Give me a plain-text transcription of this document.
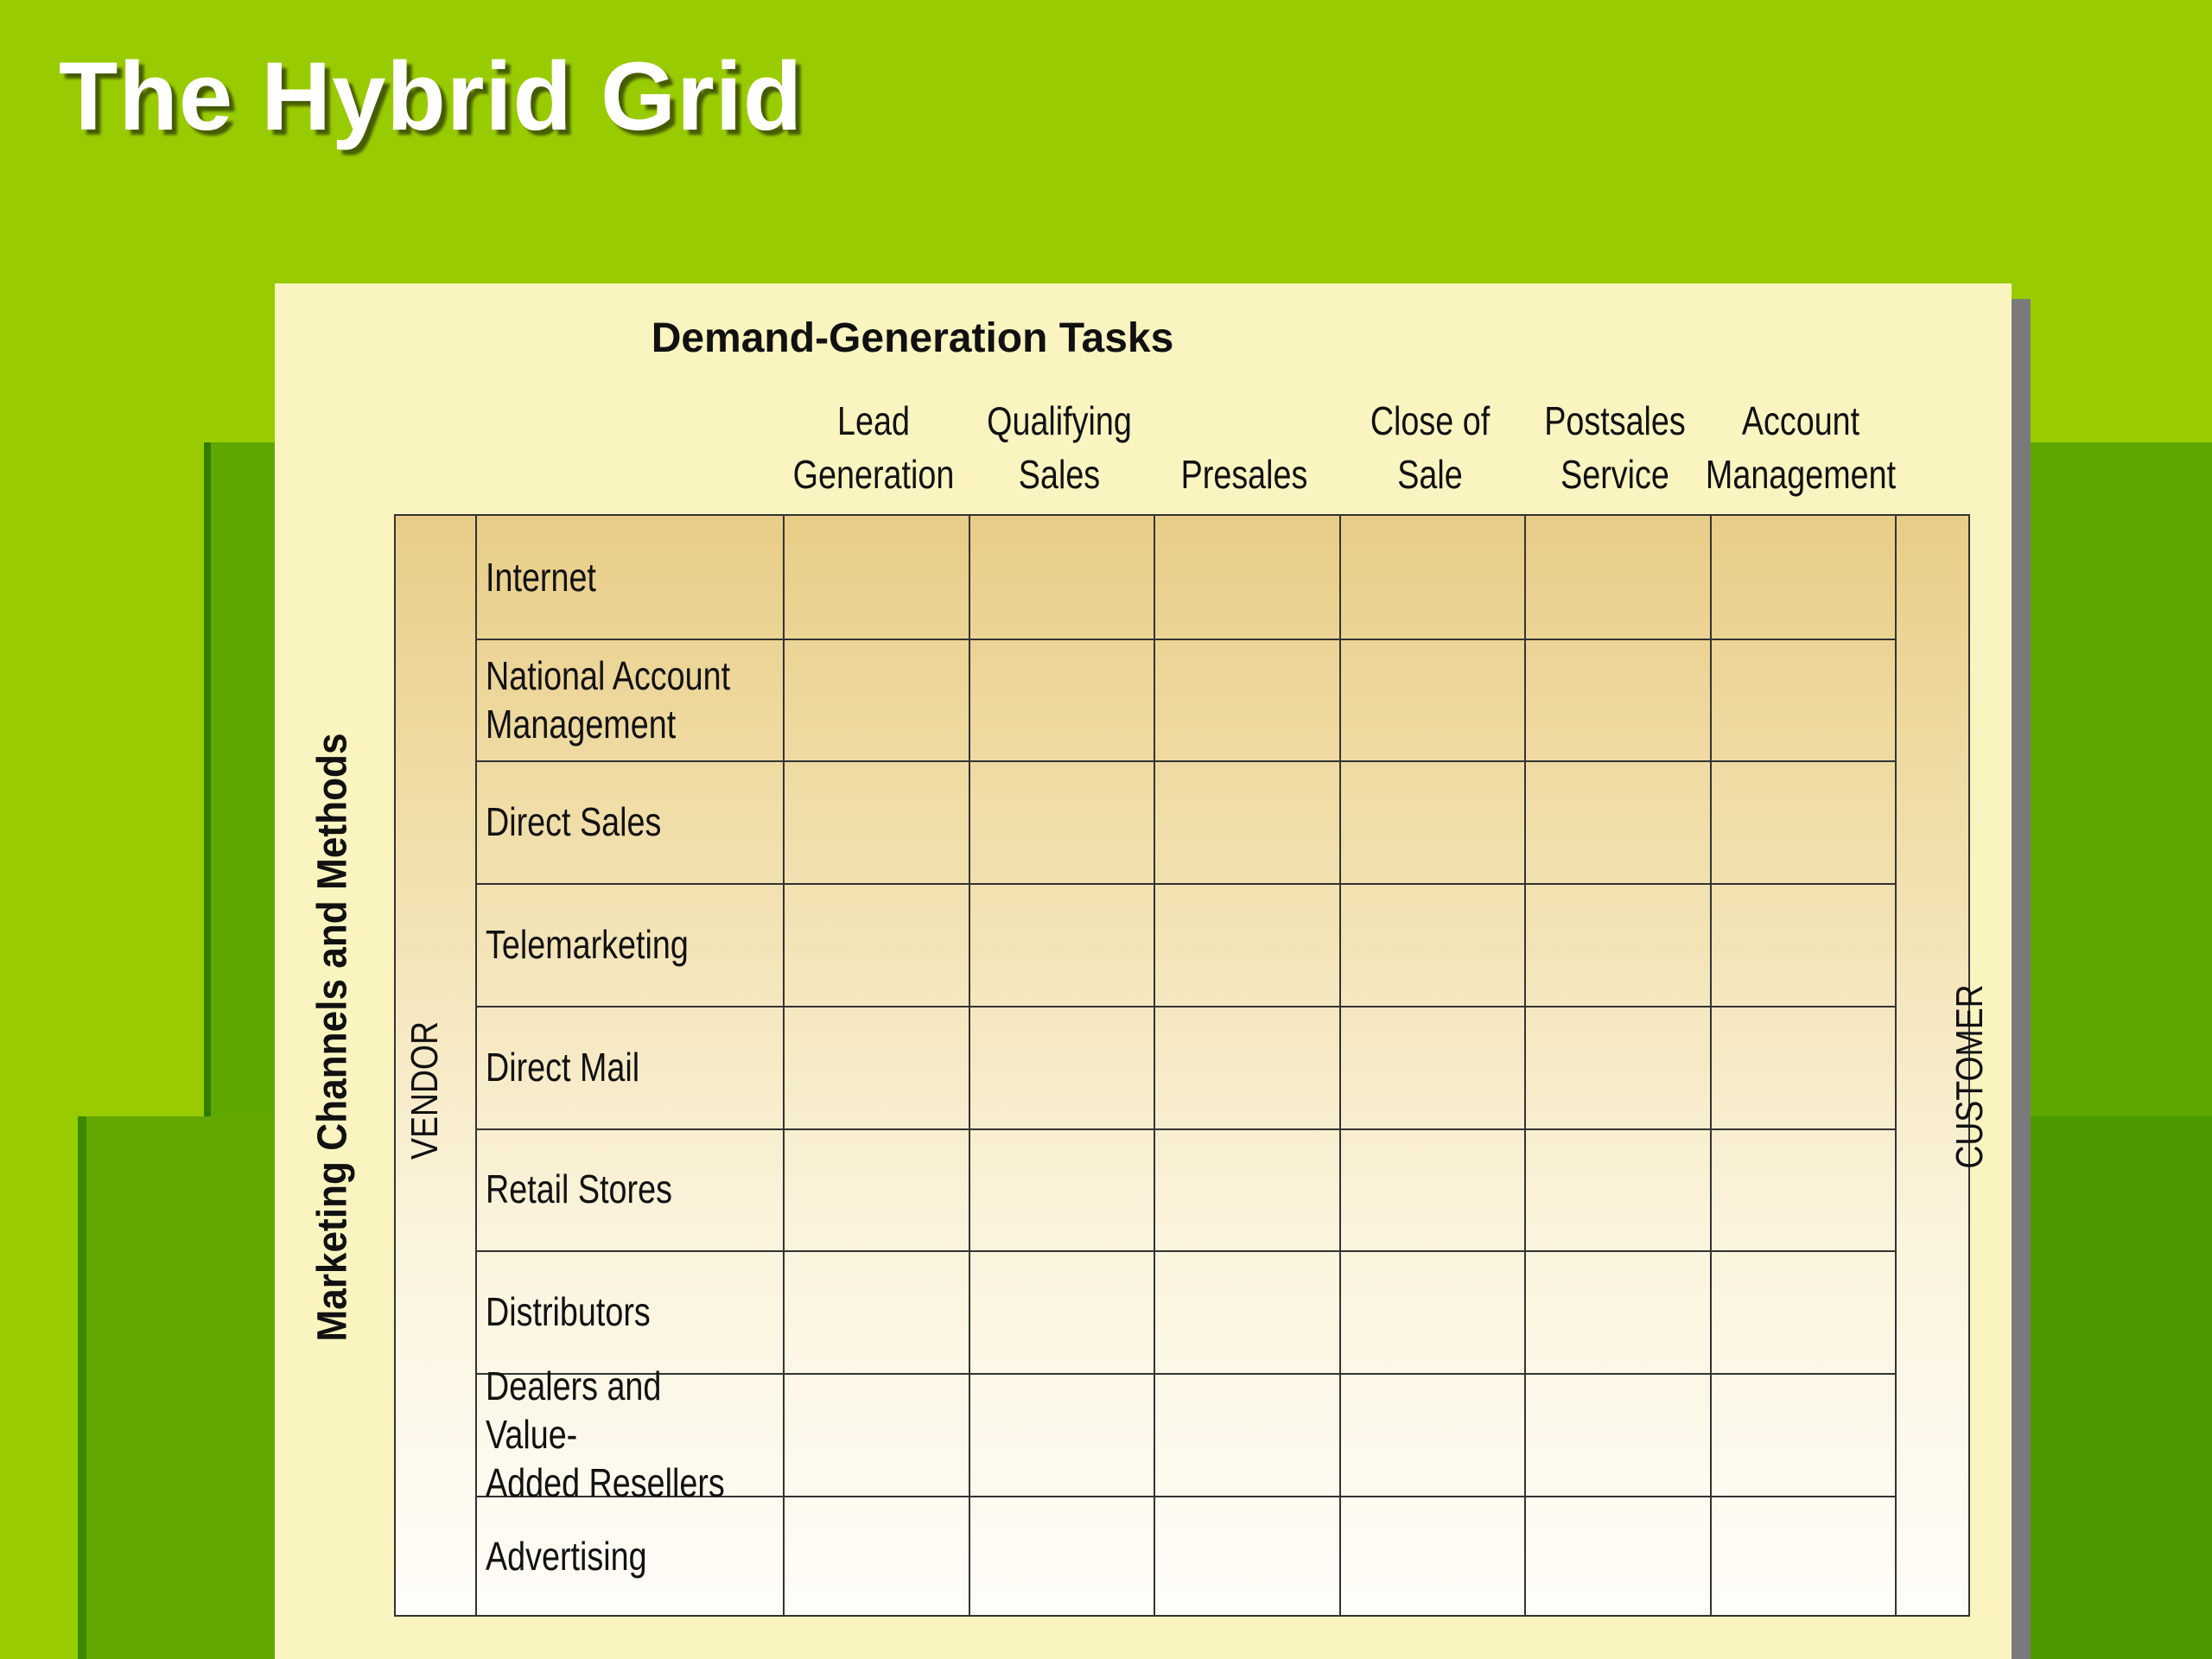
The Hybrid Grid
Demand-Generation Tasks
Lead
Generation
Qualifying
Sales	Presales
Close of Sale
Postsales
Service
Account
Management
Marketing Channels and Methods VENDOR	CUSTOMER
Internet
National Account
Management
Direct Sales
Telemarketing
Direct Mail
Retail Stores
Distributors
Dealers and Value-
Added Resellers
Advertising
